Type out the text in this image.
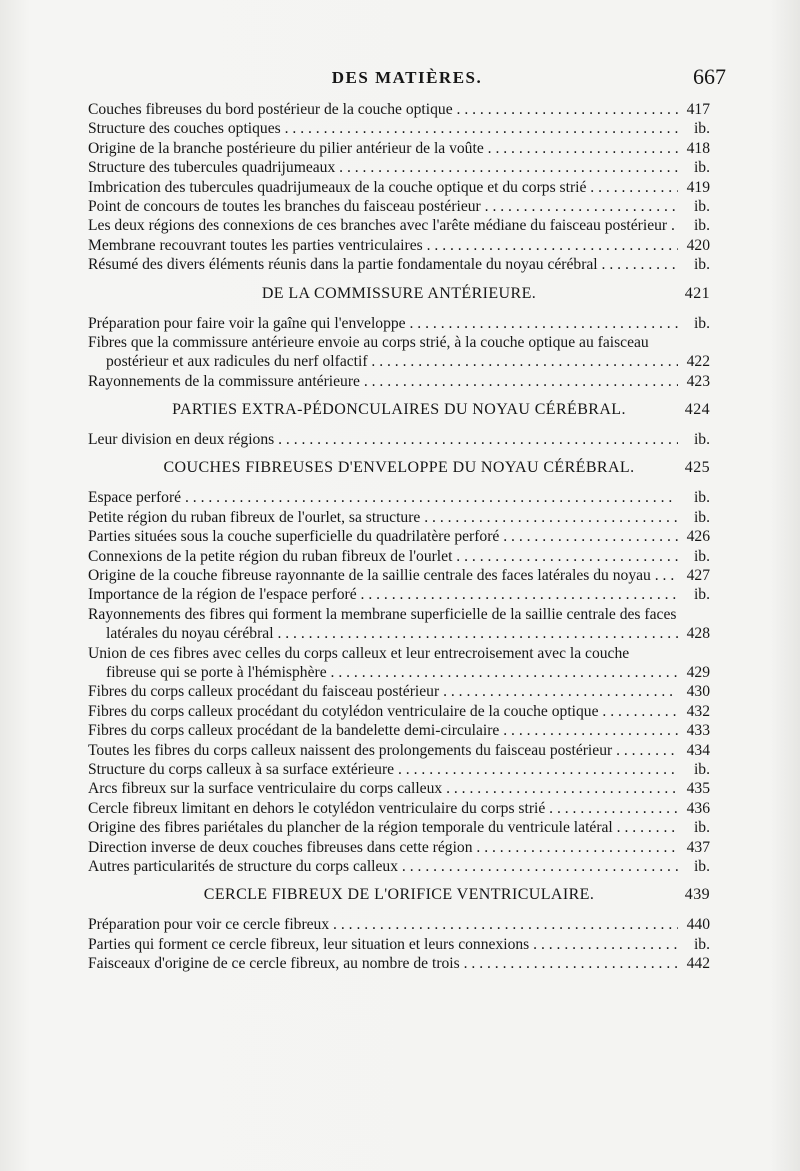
DES MATIÈRES.	667
Couches fibreuses du bord postérieur de la couche optique . . .	417
Structure des couches optiques . . .	ib.
Origine de la branche postérieure du pilier antérieur de la voûte . . .	418
Structure des tubercules quadrijumeaux . . .	ib.
Imbrication des tubercules quadrijumeaux de la couche optique et du corps strié . . .	419
Point de concours de toutes les branches du faisceau postérieur . . .	ib.
Les deux régions des connexions de ces branches avec l'arête médiane du faisceau postérieur . . .	ib.
Membrane recouvrant toutes les parties ventriculaires . . .	420
Résumé des divers éléments réunis dans la partie fondamentale du noyau cérébral . . .	ib.
DE LA COMMISSURE ANTÉRIEURE.	421
Préparation pour faire voir la gaîne qui l'enveloppe . . .	ib.
Fibres que la commissure antérieure envoie au corps strié, à la couche optique au faisceau postérieur et aux radicules du nerf olfactif . . .	422
Rayonnements de la commissure antérieure . . .	423
PARTIES EXTRA-PÉDONCULAIRES DU NOYAU CÉRÉBRAL.	424
Leur division en deux régions . . .	ib.
COUCHES FIBREUSES D'ENVELOPPE DU NOYAU CÉRÉBRAL.	425
Espace perforé . . .	ib.
Petite région du ruban fibreux de l'ourlet, sa structure . . .	ib.
Parties situées sous la couche superficielle du quadrilatère perforé . . .	426
Connexions de la petite région du ruban fibreux de l'ourlet . . .	ib.
Origine de la couche fibreuse rayonnante de la saillie centrale des faces latérales du noyau . . .	427
Importance de la région de l'espace perforé . . .	ib.
Rayonnements des fibres qui forment la membrane superficielle de la saillie centrale des faces latérales du noyau cérébral . . .	428
Union de ces fibres avec celles du corps calleux et leur entrecroisement avec la couche fibreuse qui se porte à l'hémisphère . . .	429
Fibres du corps calleux procédant du faisceau postérieur . . .	430
Fibres du corps calleux procédant du cotylédon ventriculaire de la couche optique . . .	432
Fibres du corps calleux procédant de la bandelette demi-circulaire . . .	433
Toutes les fibres du corps calleux naissent des prolongements du faisceau postérieur . . .	434
Structure du corps calleux à sa surface extérieure . . .	ib.
Arcs fibreux sur la surface ventriculaire du corps calleux . . .	435
Cercle fibreux limitant en dehors le cotylédon ventriculaire du corps strié . . .	436
Origine des fibres pariétales du plancher de la région temporale du ventricule latéral . . .	ib.
Direction inverse de deux couches fibreuses dans cette région . . .	437
Autres particularités de structure du corps calleux . . .	ib.
CERCLE FIBREUX DE L'ORIFICE VENTRICULAIRE.	439
Préparation pour voir ce cercle fibreux . . .	440
Parties qui forment ce cercle fibreux, leur situation et leurs connexions . . .	ib.
Faisceaux d'origine de ce cercle fibreux, au nombre de trois . . .	442
